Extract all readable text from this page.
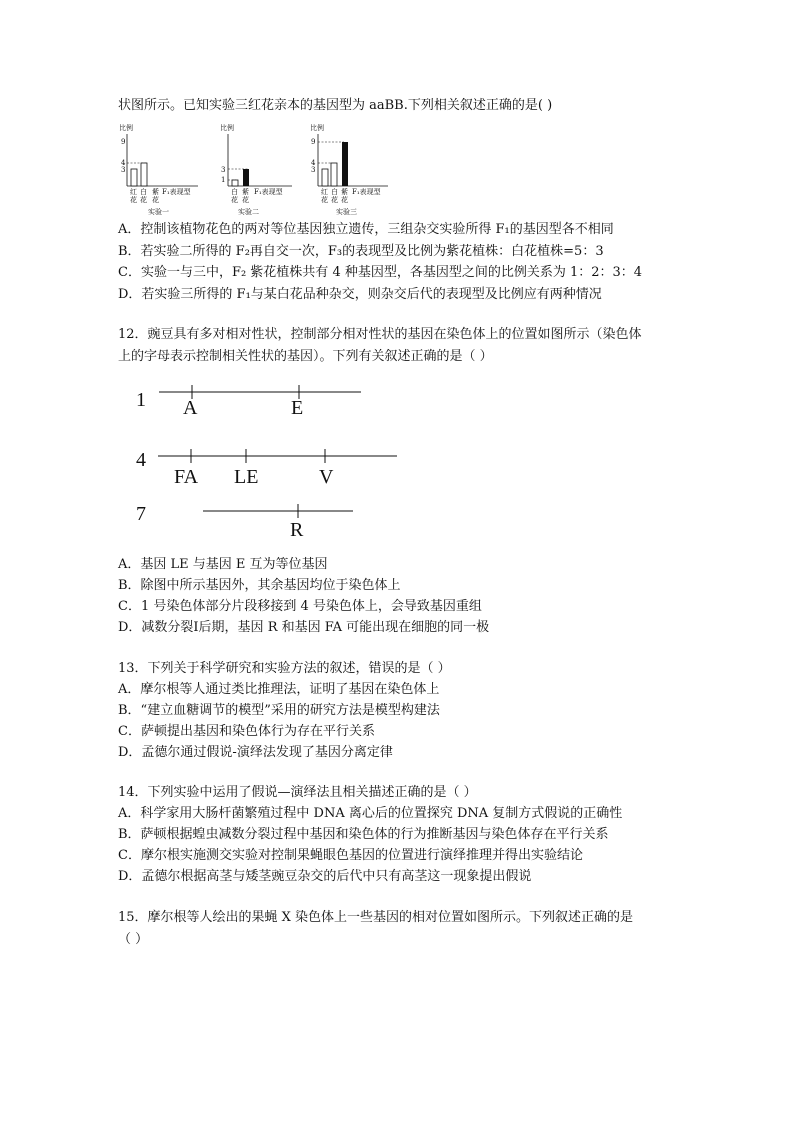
状图所示。已知实验三红花亲本的基因型为 aaBB.下列相关叙述正确的是( )
比例
9
4
3
红
花
白
花
紫
花
F₁表现型
实验一
比例
3
1
白
花
紫
花
F₁表现型
实验二
比例
9
4
3
红
花
白
花
紫
花
F₁表现型
实验三
A．控制该植物花色的两对等位基因独立遗传，三组杂交实验所得 F₁的基因型各不相同
B．若实验二所得的 F₂再自交一次，F₃的表现型及比例为紫花植株：白花植株=5：3
C．实验一与三中，F₂ 紫花植株共有 4 种基因型，各基因型之间的比例关系为 1：2：3：4
D．若实验三所得的 F₁与某白花品种杂交，则杂交后代的表现型及比例应有两种情况
12．豌豆具有多对相对性状，控制部分相对性状的基因在染色体上的位置如图所示（染色体
上的字母表示控制相关性状的基因）。下列有关叙述正确的是（ ）
1 A	E
4
FA LE	V
7
R
A．基因 LE 与基因 E 互为等位基因
B．除图中所示基因外，其余基因均位于染色体上
C．1 号染色体部分片段移接到 4 号染色体上，会导致基因重组
D．减数分裂Ⅰ后期，基因 R 和基因 FA 可能出现在细胞的同一极
13．下列关于科学研究和实验方法的叙述，错误的是（ ）
A．摩尔根等人通过类比推理法，证明了基因在染色体上
B．“建立血糖调节的模型”采用的研究方法是模型构建法
C．萨顿提出基因和染色体行为存在平行关系
D．孟德尔通过假说-演绎法发现了基因分离定律
14．下列实验中运用了假说—演绎法且相关描述正确的是（ ）
A．科学家用大肠杆菌繁殖过程中 DNA 离心后的位置探究 DNA 复制方式假说的正确性
B．萨顿根据蝗虫减数分裂过程中基因和染色体的行为推断基因与染色体存在平行关系
C．摩尔根实施测交实验对控制果蝇眼色基因的位置进行演绎推理并得出实验结论
D．孟德尔根据高茎与矮茎豌豆杂交的后代中只有高茎这一现象提出假说
15．摩尔根等人绘出的果蝇 X 染色体上一些基因的相对位置如图所示。下列叙述正确的是
（ ）
